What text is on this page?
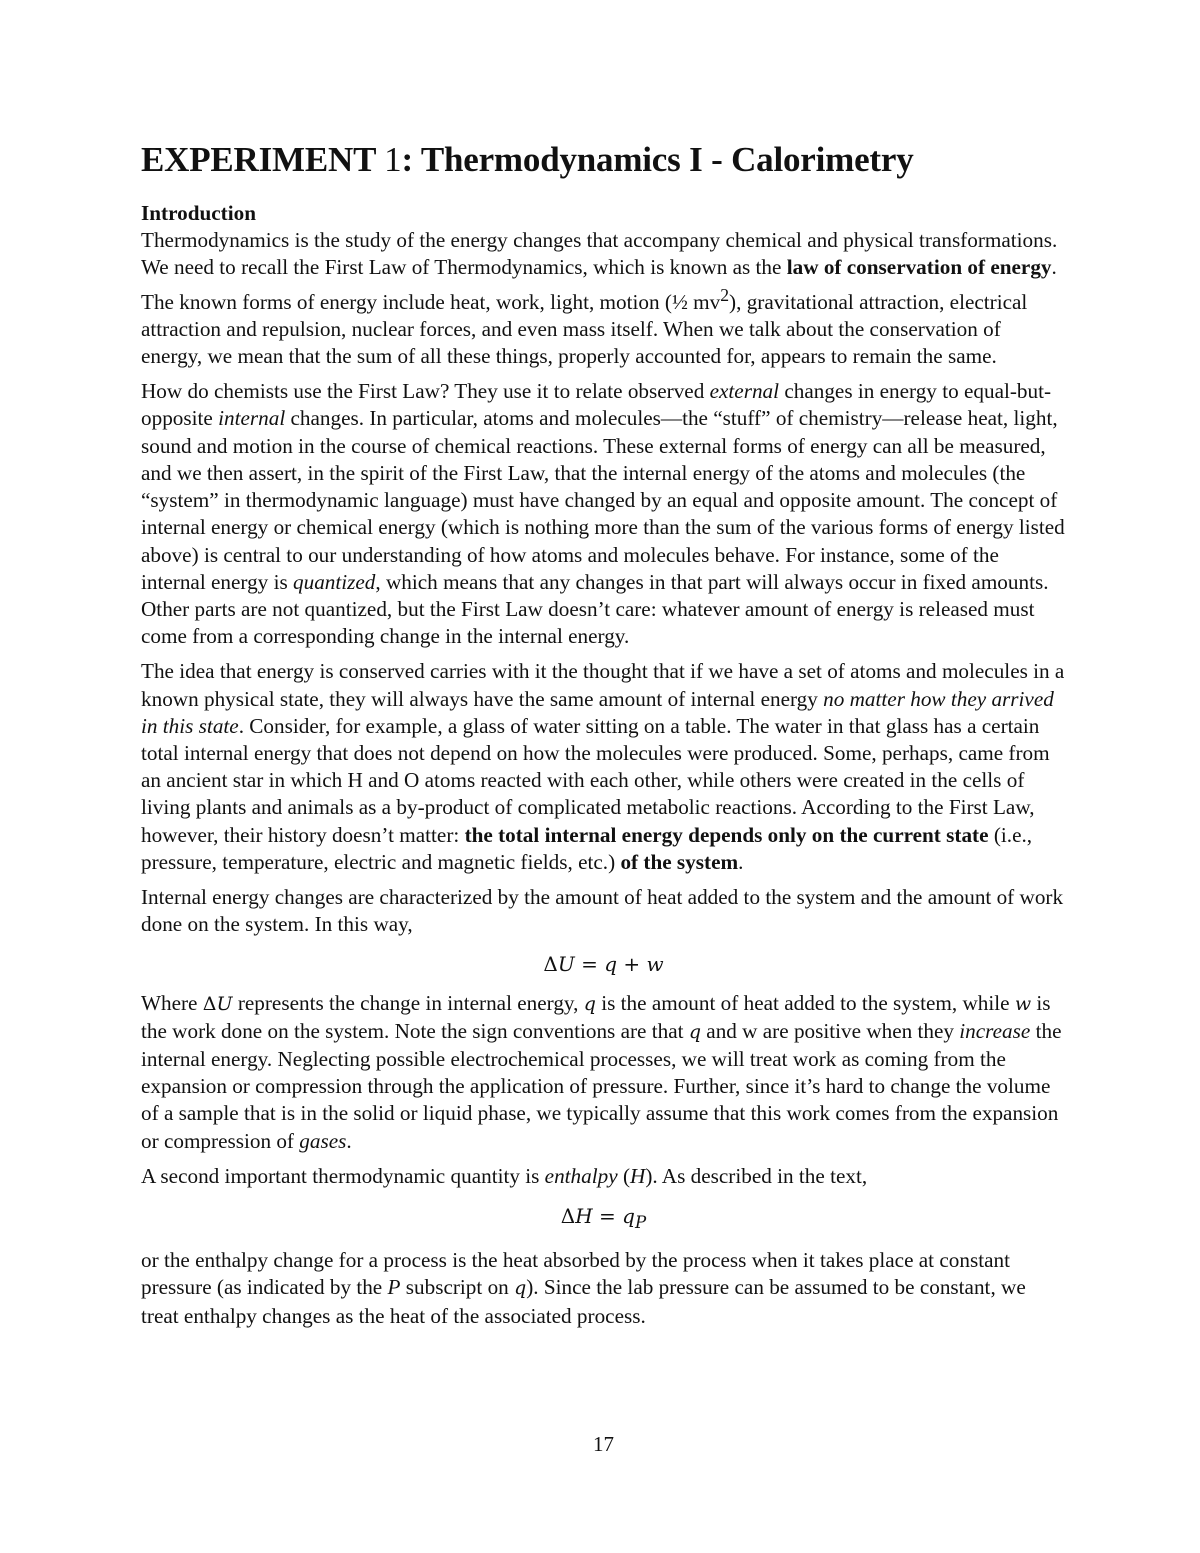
EXPERIMENT 1: Thermodynamics I - Calorimetry
Introduction

Thermodynamics is the study of the energy changes that accompany chemical and physical transformations. We need to recall the First Law of Thermodynamics, which is known as the law of conservation of energy. The known forms of energy include heat, work, light, motion (½ $mv^2$), gravitational attraction, electrical attraction and repulsion, nuclear forces, and even mass itself. When we talk about the conservation of energy, we mean that the sum of all these things, properly accounted for, appears to remain the same.

How do chemists use the First Law? They use it to relate observed external changes in energy to equal-but-opposite internal changes. In particular, atoms and molecules—the “stuff” of chemistry—release heat, light, sound and motion in the course of chemical reactions. These external forms of energy can all be measured, and we then assert, in the spirit of the First Law, that the internal energy of the atoms and molecules (the “system” in thermodynamic language) must have changed by an equal and opposite amount. The concept of internal energy or chemical energy (which is nothing more than the sum of the various forms of energy listed above) is central to our understanding of how atoms and molecules behave. For instance, some of the internal energy is quantized, which means that any changes in that part will always occur in fixed amounts. Other parts are not quantized, but the First Law doesn’t care: whatever amount of energy is released must come from a corresponding change in the internal energy.

The idea that energy is conserved carries with it the thought that if we have a set of atoms and molecules in a known physical state, they will always have the same amount of internal energy no matter how they arrived in this state. Consider, for example, a glass of water sitting on a table. The water in that glass has a certain total internal energy that does not depend on how the molecules were produced. Some, perhaps, came from an ancient star in which H and O atoms reacted with each other, while others were created in the cells of living plants and animals as a by-product of complicated metabolic reactions. According to the First Law, however, their history doesn’t matter: the total internal energy depends only on the current state (i.e., pressure, temperature, electric and magnetic fields, etc.) of the system.

Internal energy changes are characterized by the amount of heat added to the system and the amount of work done on the system. In this way,

ΔU = q + w

Where ΔU represents the change in internal energy, q is the amount of heat added to the system, while w is the work done on the system. Note the sign conventions are that q and w are positive when they increase the internal energy. Neglecting possible electrochemical processes, we will treat work as coming from the expansion or compression through the application of pressure. Further, since it’s hard to change the volume of a sample that is in the solid or liquid phase, we typically assume that this work comes from the expansion or compression of gases.

A second important thermodynamic quantity is enthalpy (H). As described in the text,

$\Delta H = q_P$

or the enthalpy change for a process is the heat absorbed by the process when it takes place at constant pressure (as indicated by the P subscript on q). Since the lab pressure can be assumed to be constant, we treat enthalpy changes as the heat of the associated process.

17
